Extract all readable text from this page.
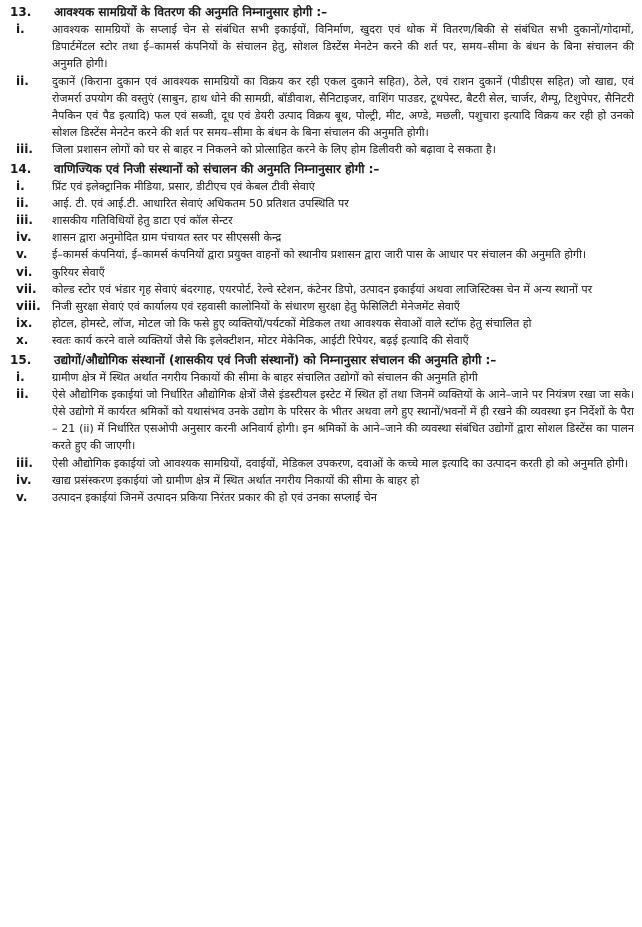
13.	आवश्यक सामग्रियों के वितरण की अनुमति निम्नानुसार होगी :–
i.	आवश्यक सामग्रियों के सप्लाई चेन से संबंधित सभी इकाईयों, विनिर्माण, खुदरा एवं थोक में वितरण/बिकी से संबंधित सभी दुकानों/गोदामों, डिपार्टमेंटल स्टोर तथा ई–कामर्स कंपनियों के संचालन हेतु, सोशल डिस्टेंस मेनटेन करने की शर्त पर, समय–सीमा के बंधन के बिना संचालन की अनुमति होगी।
ii.	दुकानें (किराना दुकान एवं आवश्यक सामग्रियों का विक्रय कर रही एकल दुकाने सहित), ठेले, एवं राशन दुकानें (पीडीएस सहित) जो खाद्य, एवं रोजमर्रा उपयोग की वस्तुएं (साबुन, हाथ धोने की सामग्री, बॉडीवाश, सैनिटाइजर, वाशिंग पाउडर, टूथपेस्ट, बैटरी सेल, चार्जर, शैम्पू, टिशुपेपर, सैनिटरी नैपकिन एवं पैड इत्यादि) फल एवं सब्जी, दूध एवं डेयरी उत्पाद विक्रय बूथ, पोल्ट्री, मीट, अण्डे, मछली, पशुचारा इत्यादि विक्रय कर रही हो उनको सोशल डिस्टेंस मेनटेन करने की शर्त पर समय–सीमा के बंधन के बिना संचालन की अनुमति होगी।
iii.	जिला प्रशासन लोगों को घर से बाहर न निकलने को प्रोत्साहित करने के लिए होम डिलीवरी को बढ़ावा दे सकता है।
14.	वाणिज्यिक एवं निजी संस्थानों को संचालन की अनुमति निम्नानुसार होगी :–
i.	प्रिंट एवं इलेक्ट्रानिक मीडिया, प्रसार, डीटीएच एवं केबल टीवी सेवाएं
ii.	आई. टी. एवं आई.टी. आधारित सेवाएं अधिकतम 50 प्रतिशत उपस्थिति पर
iii.	शासकीय गतिविधियों हेतु डाटा एवं कॉल सेन्टर
iv.	शासन द्वारा अनुमोदित ग्राम पंचायत स्तर पर सीएससी केन्द्र
v.	ई–कामर्स कंपनियां, ई–कामर्स कंपनियों द्वारा प्रयुक्त वाहनों को स्थानीय प्रशासन द्वारा जारी पास के आधार पर संचालन की अनुमति होगी।
vi.	कुरियर सेवाएँ
vii.	कोल्ड स्टोर एवं भंडार गृह सेवाएं बंदरगाह, एयरपोर्ट, रेल्वे स्टेशन, कंटेनर डिपो, उत्पादन इकाईयां अथवा लाजिस्टिक्स चेन में अन्य स्थानों पर
viii.	निजी सुरक्षा सेवाएं एवं कार्यालय एवं रहवासी कालोनियों के संधारण सुरक्षा हेतु फेसिलिटी मेनेजमेंट सेवाएँ
ix.	होटल, होमस्टे, लॉज, मोटल जो कि फसे हुए व्यक्तियों/पर्यटकों मेडिकल तथा आवश्यक सेवाओं वाले स्टॉफ हेतु संचालित हो
x.	स्वतः कार्य करने वाले व्यक्तियों जैसे कि इलेक्टीशन, मोटर मेकेनिक, आईटी रिपेयर, बढ़ई इत्यादि की सेवाएँ
15.	उद्योगों/औद्योगिक संस्थानों (शासकीय एवं निजी संस्थानों) को निम्नानुसार संचालन की अनुमति होगी :–
i.	ग्रामीण क्षेत्र में स्थित अर्थात नगरीय निकायों की सीमा के बाहर संचालित उद्योगों को संचालन की अनुमति होगी
ii.	ऐसे औद्योगिक इकाईयां जो निर्धारित औद्योगिक क्षेत्रों जैसे इंडस्टीयल इस्टेट में स्थित हों तथा जिनमें व्यक्तियों के आने–जाने पर नियंत्रण रखा जा सके। ऐसे उद्योगो में कार्यरत श्रमिकों को यथासंभव उनके उद्योग के परिसर के भीतर अथवा लगे हुए स्थानों/भवनों में ही रखने की व्यवस्था इन निर्देशों के पैरा – 21 (ii) में निर्धारित एसओपी अनुसार करनी अनिवार्य होगी। इन श्रमिकों के आने–जाने की व्यवस्था संबंधित उद्योगों द्वारा सोशल डिस्टेंस का पालन करते हुए की जाएगी।
iii.	ऐसी औद्योगिक इकाईयां जो आवश्यक सामग्रियों, दवाईयों, मेडिकल उपकरण, दवाओं के कच्चे माल इत्यादि का उत्पादन करती हो को अनुमति होगी।
iv.	खाद्य प्रसंस्करण इकाईयां जो ग्रामीण क्षेत्र में स्थित अर्थात नगरीय निकायों की सीमा के बाहर हो
v.	उत्पादन इकाईयां जिनमें उत्पादन प्रकिया निरंतर प्रकार की हो एवं उनका सप्लाई चेन
